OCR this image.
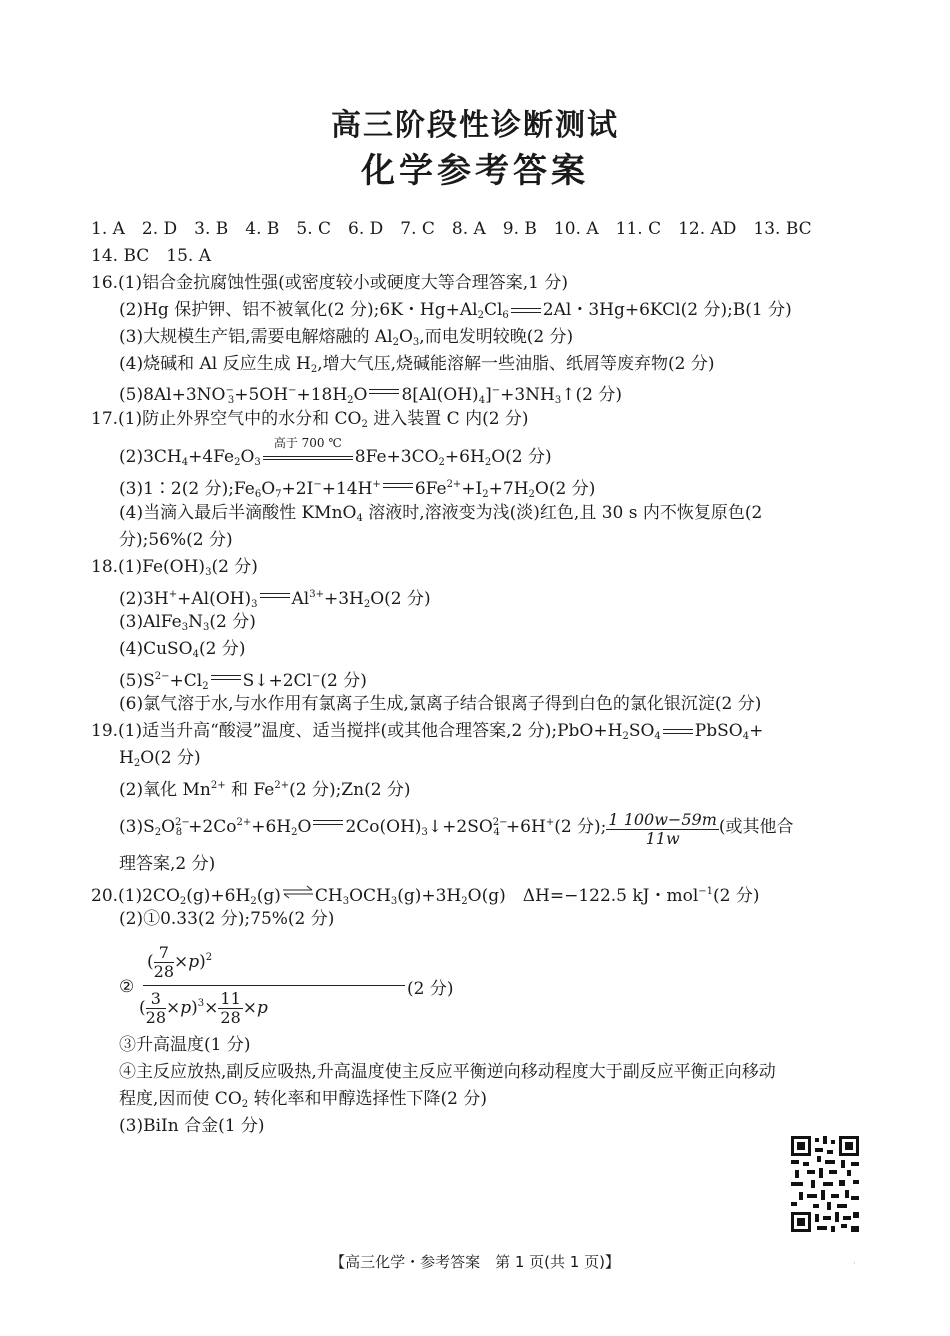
高三阶段性诊断测试
化学参考答案
1. A　2. D　3. B　4. B　5. C　6. D　7. C　8. A　9. B　10. A　11. C　12. AD　13. BC
14. BC　15. A
16.(1)铝合金抗腐蚀性强(或密度较小或硬度大等合理答案,1 分)
(2)Hg 保护钾、铝不被氧化(2 分);6K・$Hg+Al_2Cl_6$ 2Al・3Hg+6KCl(2 分);B(1 分)
(3)大规模生产铝,需要电解熔融的 $Al_2O_3$,而电发明较晚(2 分)
(4)烧碱和 Al 反应生成 $H_2$,增大气压,烧碱能溶解一些油脂、纸屑等废弃物(2 分)
$(5)8Al+3NO^-_3+5OH^-+18H_2O$ $8[Al(OH)_4]^-+3NH_3↑(2$ 分)
17.(1)防止外界空气中的水分和 $CO_2$ 进入装置 C 内(2 分)
$(2)3CH_4+4Fe_2O_3$
高于 700 ℃
$8Fe+3CO_2+6H_2O(2$ 分)
(3)1∶2(2 分)$;Fe_6O_7+2I^-+14H^+$ $6Fe^{2+}+I_2+7H_2O(2$ 分)
(4)当滴入最后半滴酸性 KMnO$_4$ 溶液时,溶液变为浅(淡)红色,且 30 s 内不恢复原色(2
分);56%(2 分)
$18.(1)Fe(OH)_3(2$ 分)
$(2)3H^++Al(OH)_3$ $Al^{3+}+3H_2O(2$ 分)
$(3)AlFe_3N_3(2$ 分)
(4)CuSO$_4$(2 分)
$(5)S^{2-}+Cl_2$ S↓+2Cl−(2 分)
(6)氯气溶于水,与水作用有氯离子生成,氯离子结合银离子得到白色的氯化银沉淀(2 分)
19.(1)适当升高“酸浸”温度、适当搅拌(或其他合理答案,2 分)$;PbO+H_2SO_4$ PbSO$_4$+
$H_2O(2$ 分)
(2)氧化 $Mn^{2+}$ 和 $Fe^{2+}(2$ 分);Zn(2 分)
$(3)S_2O^{2-}_8 +2Co^{2+}+6H_2O$ $2Co(OH)_3↓+2SO^{2-}_4 +6H^+(2$ 分); $\frac{1 100w-59m}{11w}$ (或其他合
理答案,2 分)
$20.(1)2CO_2(g)+6H_2(g)$ $CH_3OCH_3(g)+3H_2O(g)$　ΔH=−122.5 kJ・mol$^{-1}$(2 分)
(2)①0.33(2 分);75%(2 分)
②
( $\frac{7}{28} \times p)^2$
( $\frac{3}{28} \times p)^3\times \frac{11}{28} \times p$
(2 分)
③升高温度(1 分)
④主反应放热,副反应吸热,升高温度使主反应平衡逆向移动程度大于副反应平衡正向移动
程度,因而使 $CO_2$ 转化率和甲醇选择性下降(2 分)
(3)BiIn 合金(1 分)
【高三化学・参考答案　第 1 页(共 1 页)】	·
